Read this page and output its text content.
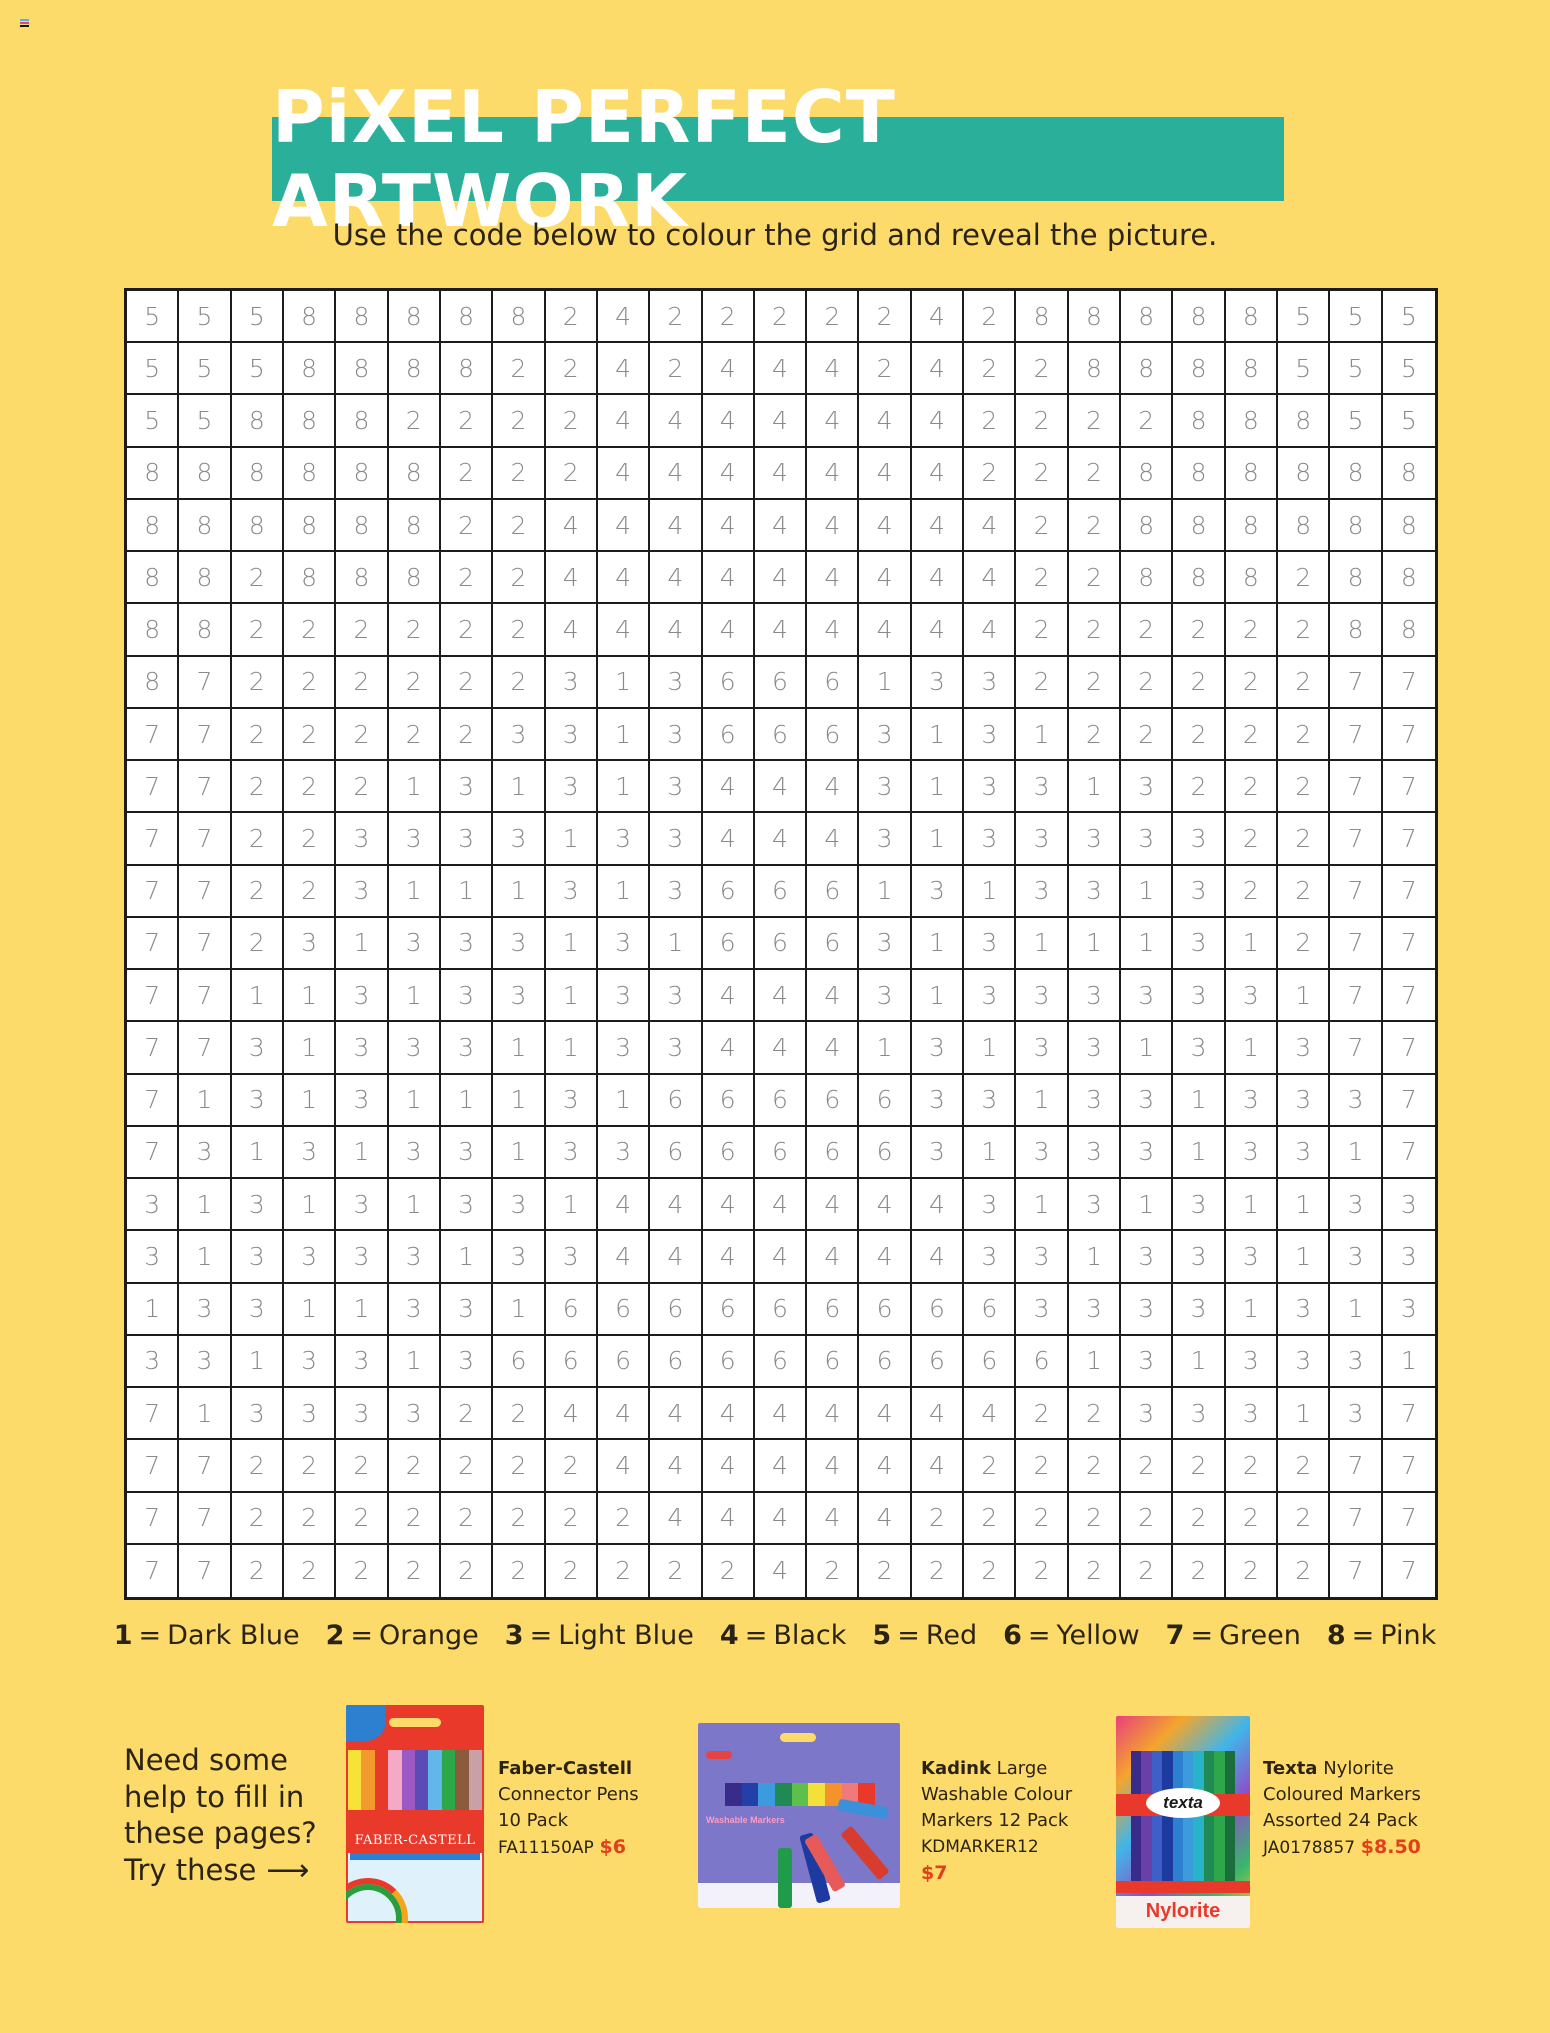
PiXEL PERFECT ARTWORK
Use the code below to colour the grid and reveal the picture.
5	5	5	8	8	8	8	8	2	4	2	2	2	2	2	4	2	8	8	8	8	8	5	5	5
5	5	5	8	8	8	8	2	2	4	2	4	4	4	2	4	2	2	8	8	8	8	5	5	5
5	5	8	8	8	2	2	2	2	4	4	4	4	4	4	4	2	2	2	2	8	8	8	5	5
8	8	8	8	8	8	2	2	2	4	4	4	4	4	4	4	2	2	2	8	8	8	8	8	8
8	8	8	8	8	8	2	2	4	4	4	4	4	4	4	4	4	2	2	8	8	8	8	8	8
8	8	2	8	8	8	2	2	4	4	4	4	4	4	4	4	4	2	2	8	8	8	2	8	8
8	8	2	2	2	2	2	2	4	4	4	4	4	4	4	4	4	2	2	2	2	2	2	8	8
8	7	2	2	2	2	2	2	3	1	3	6	6	6	1	3	3	2	2	2	2	2	2	7	7
7	7	2	2	2	2	2	3	3	1	3	6	6	6	3	1	3	1	2	2	2	2	2	7	7
7	7	2	2	2	1	3	1	3	1	3	4	4	4	3	1	3	3	1	3	2	2	2	7	7
7	7	2	2	3	3	3	3	1	3	3	4	4	4	3	1	3	3	3	3	3	2	2	7	7
7	7	2	2	3	1	1	1	3	1	3	6	6	6	1	3	1	3	3	1	3	2	2	7	7
7	7	2	3	1	3	3	3	1	3	1	6	6	6	3	1	3	1	1	1	3	1	2	7	7
7	7	1	1	3	1	3	3	1	3	3	4	4	4	3	1	3	3	3	3	3	3	1	7	7
7	7	3	1	3	3	3	1	1	3	3	4	4	4	1	3	1	3	3	1	3	1	3	7	7
7	1	3	1	3	1	1	1	3	1	6	6	6	6	6	3	3	1	3	3	1	3	3	3	7
7	3	1	3	1	3	3	1	3	3	6	6	6	6	6	3	1	3	3	3	1	3	3	1	7
3	1	3	1	3	1	3	3	1	4	4	4	4	4	4	4	3	1	3	1	3	1	1	3	3
3	1	3	3	3	3	1	3	3	4	4	4	4	4	4	4	3	3	1	3	3	3	1	3	3
1	3	3	1	1	3	3	1	6	6	6	6	6	6	6	6	6	3	3	3	3	1	3	1	3
3	3	1	3	3	1	3	6	6	6	6	6	6	6	6	6	6	6	1	3	1	3	3	3	1
7	1	3	3	3	3	2	2	4	4	4	4	4	4	4	4	4	2	2	3	3	3	1	3	7
7	7	2	2	2	2	2	2	2	4	4	4	4	4	4	4	2	2	2	2	2	2	2	7	7
7	7	2	2	2	2	2	2	2	2	4	4	4	4	4	2	2	2	2	2	2	2	2	7	7
7	7	2	2	2	2	2	2	2	2	2	2	4	2	2	2	2	2	2	2	2	2	2	7	7
1 = Dark Blue 2 = Orange 3 = Light Blue 4 = Black 5 = Red 6 = Yellow 7 = Green 8 = Pink
Need some
help to fill in
these pages?
Try these ⟶
FABER-CASTELL
Faber-Castell
Connector Pens
10 Pack
FA11150AP $6
Washable Markers
Kadink Large
Washable Colour
Markers 12 Pack
KDMARKER12
$7
texta
Nylorite
Texta Nylorite
Coloured Markers
Assorted 24 Pack
JA0178857 $8.50
